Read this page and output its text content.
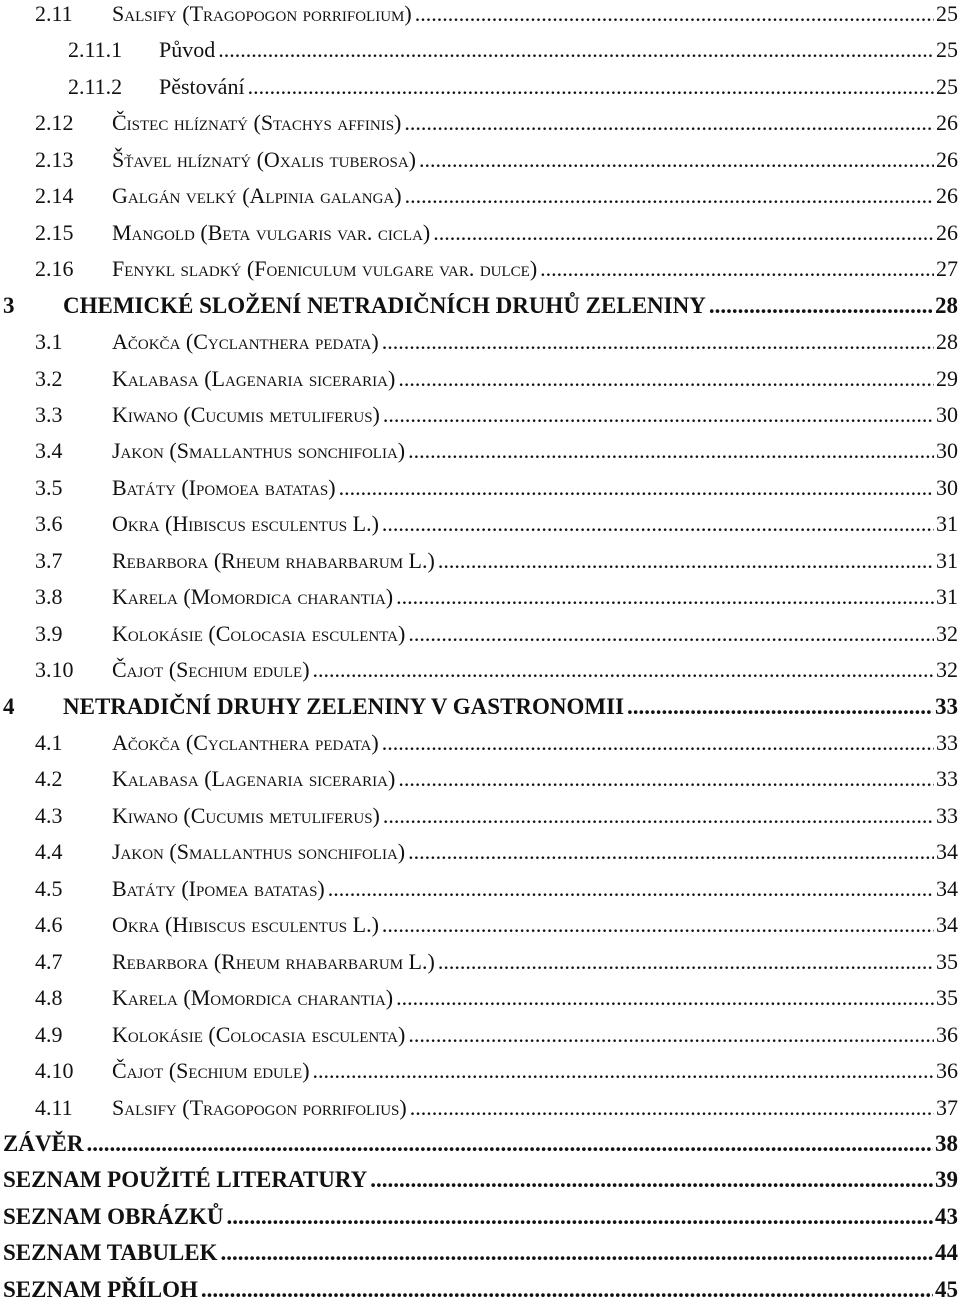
2.11	Salsify (Tragopogon porrifolium) .....	25
2.11.1	Původ .....	25
2.11.2	Pěstování .....	25
2.12	Čistec hlíznatý (Stachys affinis) .....	26
2.13	Šťavel hlíznatý (Oxalis tuberosa) .....	26
2.14	Galgán velký (Alpinia galanga) .....	26
2.15	Mangold (Beta vulgaris var. cicla) .....	26
2.16	Fenykl sladký (Foeniculum vulgare var. dulce) .....	27
3	CHEMICKÉ SLOŽENÍ NETRADIČNÍCH DRUHŮ ZELENINY .....	28
3.1	Ačokča (Cyclanthera pedata) .....	28
3.2	Kalabasa (Lagenaria siceraria) .....	29
3.3	Kiwano (Cucumis metuliferus) .....	30
3.4	Jakon (Smallanthus sonchifolia) .....	30
3.5	Batáty (Ipomoea batatas) .....	30
3.6	Okra (Hibiscus esculentus L.) .....	31
3.7	Rebarbora (Rheum rhabarbarum L.) .....	31
3.8	Karela (Momordica charantia) .....	31
3.9	Kolokásie (Colocasia esculenta) .....	32
3.10	Čajot (Sechium edule) .....	32
4	NETRADIČNÍ DRUHY ZELENINY V GASTRONOMII .....	33
4.1	Ačokča (Cyclanthera pedata) .....	33
4.2	Kalabasa (Lagenaria siceraria) .....	33
4.3	Kiwano (Cucumis metuliferus) .....	33
4.4	Jakon (Smallanthus sonchifolia) .....	34
4.5	Batáty (Ipomea batatas) .....	34
4.6	Okra (Hibiscus esculentus L.) .....	34
4.7	Rebarbora (Rheum rhabarbarum L.) .....	35
4.8	Karela (Momordica charantia) .....	35
4.9	Kolokásie (Colocasia esculenta) .....	36
4.10	Čajot (Sechium edule) .....	36
4.11	Salsify (Tragopogon porrifolius) .....	37
ZÁVĚR .....	38
SEZNAM POUŽITÉ LITERATURY .....	39
SEZNAM OBRÁZKŮ .....	43
SEZNAM TABULEK .....	44
SEZNAM PŘÍLOH .....	45
